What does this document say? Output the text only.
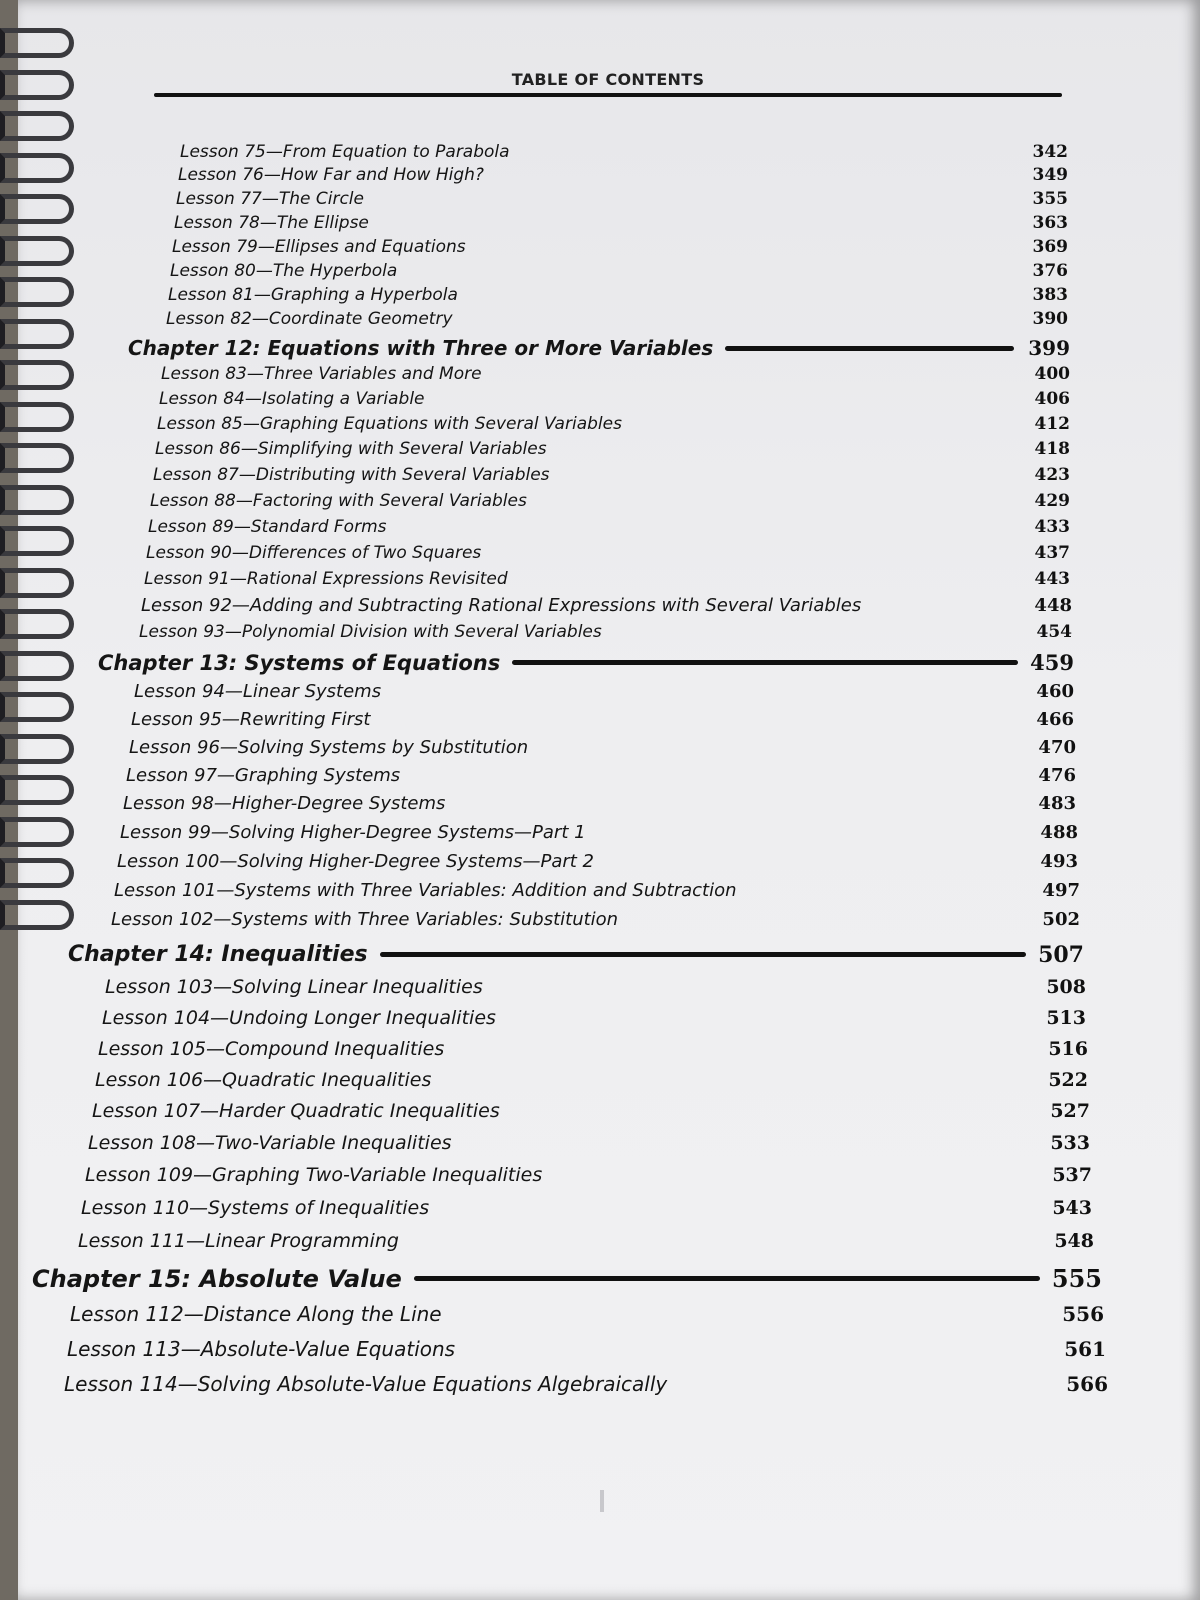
TABLE OF CONTENTS
Lesson 75—From Equation to Parabola	342
Lesson 76—How Far and How High?	349
Lesson 77—The Circle	355
Lesson 78—The Ellipse	363
Lesson 79—Ellipses and Equations	369
Lesson 80—The Hyperbola	376
Lesson 81—Graphing a Hyperbola	383
Lesson 82—Coordinate Geometry	390
Chapter 12: Equations with Three or More Variables	399
Lesson 83—Three Variables and More	400
Lesson 84—Isolating a Variable	406
Lesson 85—Graphing Equations with Several Variables	412
Lesson 86—Simplifying with Several Variables	418
Lesson 87—Distributing with Several Variables	423
Lesson 88—Factoring with Several Variables	429
Lesson 89—Standard Forms	433
Lesson 90—Differences of Two Squares	437
Lesson 91—Rational Expressions Revisited	443
Lesson 92—Adding and Subtracting Rational Expressions with Several Variables	448
Lesson 93—Polynomial Division with Several Variables	454
Chapter 13: Systems of Equations	459
Lesson 94—Linear Systems	460
Lesson 95—Rewriting First	466
Lesson 96—Solving Systems by Substitution	470
Lesson 97—Graphing Systems	476
Lesson 98—Higher-Degree Systems	483
Lesson 99—Solving Higher-Degree Systems—Part 1	488
Lesson 100—Solving Higher-Degree Systems—Part 2	493
Lesson 101—Systems with Three Variables: Addition and Subtraction	497
Lesson 102—Systems with Three Variables: Substitution	502
Chapter 14: Inequalities	507
Lesson 103—Solving Linear Inequalities	508
Lesson 104—Undoing Longer Inequalities	513
Lesson 105—Compound Inequalities	516
Lesson 106—Quadratic Inequalities	522
Lesson 107—Harder Quadratic Inequalities	527
Lesson 108—Two-Variable Inequalities	533
Lesson 109—Graphing Two-Variable Inequalities	537
Lesson 110—Systems of Inequalities	543
Lesson 111—Linear Programming	548
Chapter 15: Absolute Value	555
Lesson 112—Distance Along the Line	556
Lesson 113—Absolute-Value Equations	561
Lesson 114—Solving Absolute-Value Equations Algebraically	566
